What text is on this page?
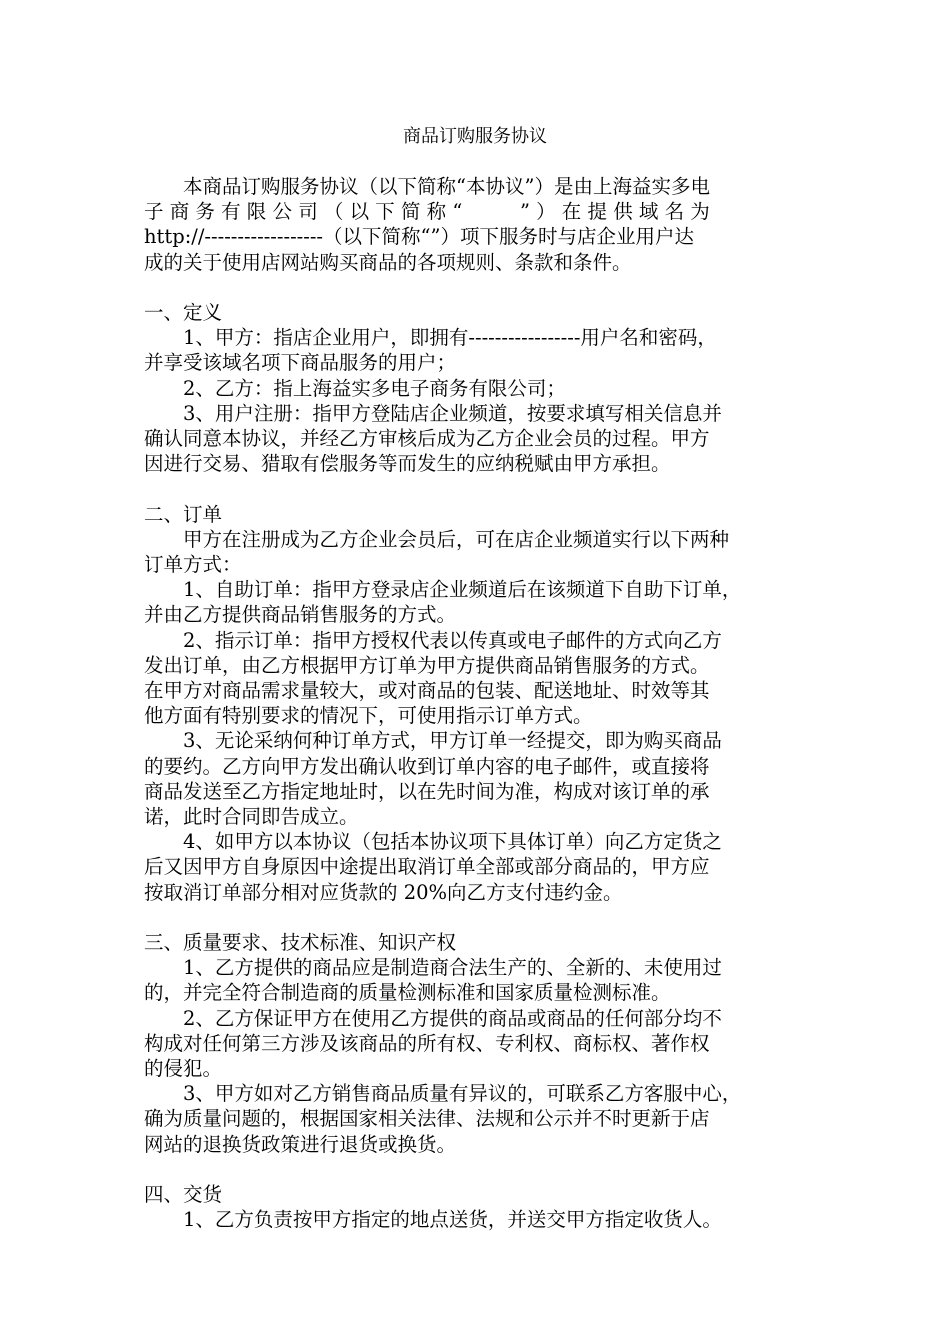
商品订购服务协议

本商品订购服务协议（以下简称“本协议”）是由上海益实多电
子 商 务 有 限 公 司 （ 以 下 简 称 “ 　 　 ” ） 在 提 供 域 名 为
http://------------------（以下简称“”）项下服务时与店企业用户达
成的关于使用店网站购买商品的各项规则、条款和条件。

一、定义

1、甲方：指店企业用户，即拥有-----------------用户名和密码，
并享受该域名项下商品服务的用户；

2、乙方：指上海益实多电子商务有限公司；

3、用户注册：指甲方登陆店企业频道，按要求填写相关信息并
确认同意本协议，并经乙方审核后成为乙方企业会员的过程。甲方
因进行交易、猎取有偿服务等而发生的应纳税赋由甲方承担。

二、订单

甲方在注册成为乙方企业会员后，可在店企业频道实行以下两种
订单方式：

1、自助订单：指甲方登录店企业频道后在该频道下自助下订单，
并由乙方提供商品销售服务的方式。

2、指示订单：指甲方授权代表以传真或电子邮件的方式向乙方
发出订单，由乙方根据甲方订单为甲方提供商品销售服务的方式。
在甲方对商品需求量较大，或对商品的包装、配送地址、时效等其
他方面有特别要求的情况下，可使用指示订单方式。

3、无论采纳何种订单方式，甲方订单一经提交，即为购买商品
的要约。乙方向甲方发出确认收到订单内容的电子邮件，或直接将
商品发送至乙方指定地址时，以在先时间为准，构成对该订单的承
诺，此时合同即告成立。

4、如甲方以本协议（包括本协议项下具体订单）向乙方定货之
后又因甲方自身原因中途提出取消订单全部或部分商品的，甲方应
按取消订单部分相对应货款的 20%向乙方支付违约金。

三、质量要求、技术标准、知识产权

1、乙方提供的商品应是制造商合法生产的、全新的、未使用过
的，并完全符合制造商的质量检测标准和国家质量检测标准。

2、乙方保证甲方在使用乙方提供的商品或商品的任何部分均不
构成对任何第三方涉及该商品的所有权、专利权、商标权、著作权
的侵犯。

3、甲方如对乙方销售商品质量有异议的，可联系乙方客服中心，
确为质量问题的，根据国家相关法律、法规和公示并不时更新于店
网站的退换货政策进行退货或换货。

四、交货

1、乙方负责按甲方指定的地点送货，并送交甲方指定收货人。
